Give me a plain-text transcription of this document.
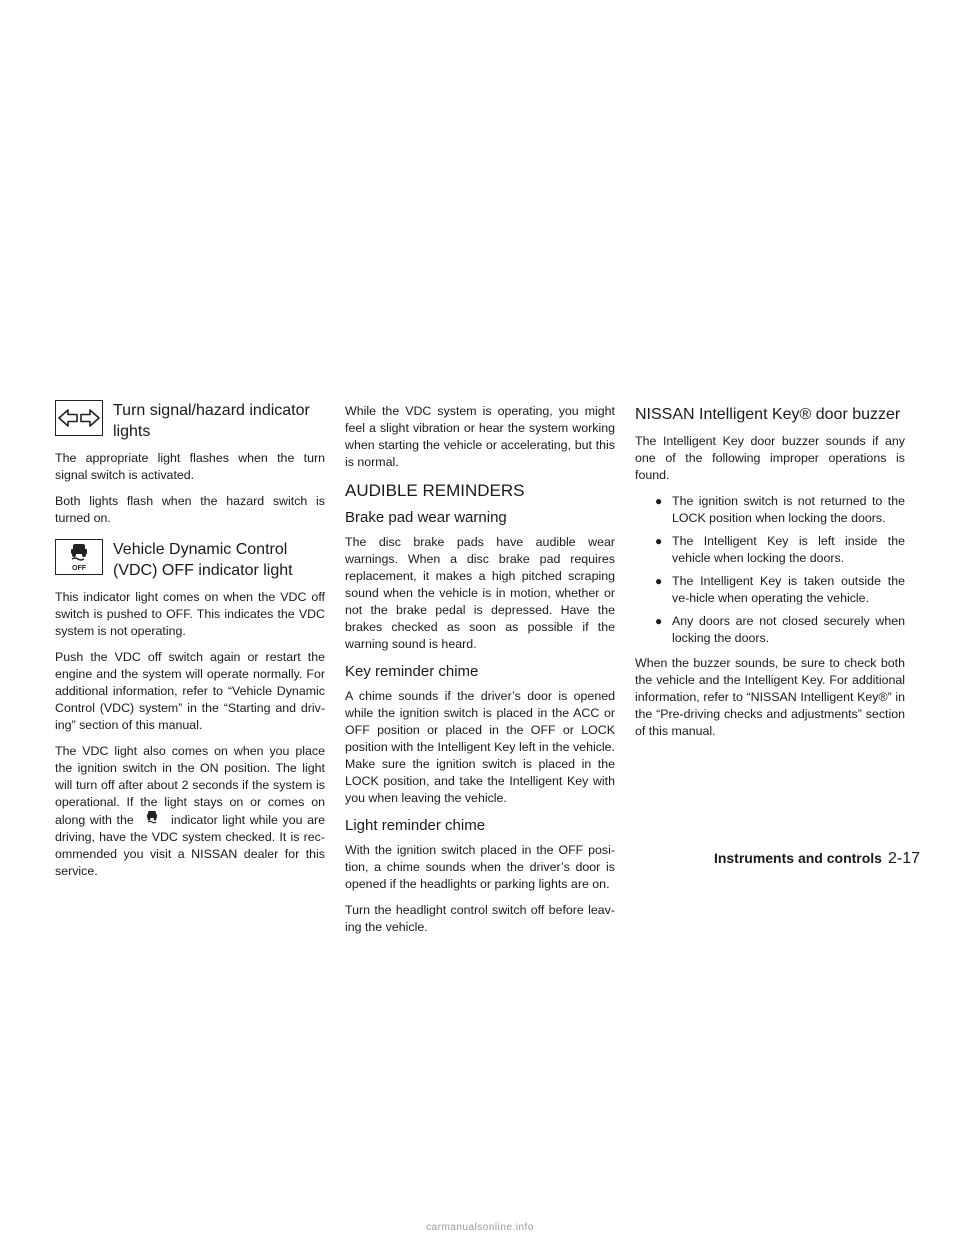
Turn signal/hazard indicator lights

The appropriate light flashes when the turn signal switch is activated.

Both lights flash when the hazard switch is turned on.

OFF
Vehicle Dynamic Control (VDC) OFF indicator light

This indicator light comes on when the VDC off switch is pushed to OFF. This indicates the VDC system is not operating.

Push the VDC off switch again or restart the engine and the system will operate normally. For additional information, refer to “Vehicle Dynamic Control (VDC) system” in the “Starting and driv-ing” section of this manual.

The VDC light also comes on when you place the ignition switch in the ON position. The light will turn off after about 2 seconds if the system is operational. If the light stays on or comes on along with the	indicator light while you are driving, have the VDC system checked. It is rec-ommended you visit a NISSAN dealer for this service.

While the VDC system is operating, you might feel a slight vibration or hear the system working when starting the vehicle or accelerating, but this is normal.

AUDIBLE REMINDERS
Brake pad wear warning

The disc brake pads have audible wear warnings. When a disc brake pad requires replacement, it makes a high pitched scraping sound when the vehicle is in motion, whether or not the brake pedal is depressed. Have the brakes checked as soon as possible if the warning sound is heard.

Key reminder chime

A chime sounds if the driver’s door is opened while the ignition switch is placed in the ACC or OFF position or placed in the OFF or LOCK position with the Intelligent Key left in the vehicle. Make sure the ignition switch is placed in the LOCK position, and take the Intelligent Key with you when leaving the vehicle.

Light reminder chime

With the ignition switch placed in the OFF posi-tion, a chime sounds when the driver’s door is opened if the headlights or parking lights are on.

Turn the headlight control switch off before leav-ing the vehicle.

NISSAN Intelligent Key® door buzzer

The Intelligent Key door buzzer sounds if any one of the following improper operations is found.

● The ignition switch is not returned to the LOCK position when locking the doors.
● The Intelligent Key is left inside the vehicle when locking the doors.
● The Intelligent Key is taken outside the ve-hicle when operating the vehicle.
● Any doors are not closed securely when locking the doors.

When the buzzer sounds, be sure to check both the vehicle and the Intelligent Key. For additional information, refer to “NISSAN Intelligent Key®” in the “Pre-driving checks and adjustments” section of this manual.

Instruments and controls 2-17
carmanualsonline.info
